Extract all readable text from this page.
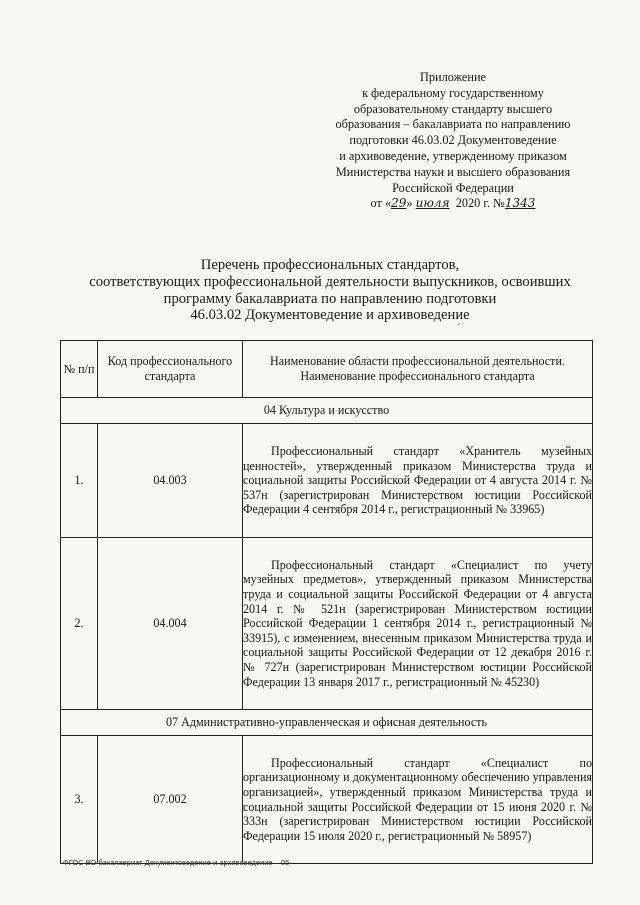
Приложение
к федеральному государственному
образовательному стандарту высшего
образования – бакалавриата по направлению
подготовки 46.03.02 Документоведение
и архивоведение, утвержденному приказом
Министерства науки и высшего образования
Российской Федерации
от «29» июля 2020 г. №1343
Перечень профессиональных стандартов,
соответствующих профессиональной деятельности выпускников, освоивших
программу бакалавриата по направлению подготовки
46.03.02 Документоведение и архивоведение
ˊ
№ п/п	Код профессионального стандарта	Наименование области профессиональной деятельности.
Наименование профессионального стандарта
04 Культура и искусство		
1.	04.003	Профессиональный стандарт «Хранитель музейных ценностей», утвержденный приказом Министерства труда и социальной защиты Российской Федерации от 4 августа 2014 г. № 537н (зарегистрирован Министерством юстиции Российской Федерации 4 сентября 2014 г., регистрационный № 33965)
2.	04.004	Профессиональный стандарт «Специалист по учету музейных предметов», утвержденный приказом Министерства труда и социальной защиты Российской Федерации от 4 августа 2014 г. № 521н (зарегистрирован Министерством юстиции Российской Федерации 1 сентября 2014 г., регистрационный № 33915), с изменением, внесенным приказом Министерства труда и социальной защиты Российской Федерации от 12 декабря 2016 г. № 727н (зарегистрирован Министерством юстиции Российской Федерации 13 января 2017 г., регистрационный № 45230)
07 Административно-управленческая и офисная деятельность		
3.	07.002	Профессиональный стандарт «Специалист по организационному и документационному обеспечению управления организацией», утвержденный приказом Министерства труда и социальной защиты Российской Федерации от 15 июня 2020 г. № 333н (зарегистрирован Министерством юстиции Российской Федерации 15 июля 2020 г., регистрационный № 58957)
ФГОС ВО бакалавриат Документоведение и архивоведение – 05
